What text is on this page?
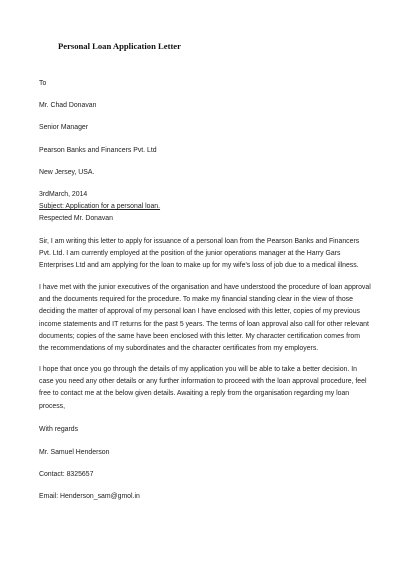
Personal Loan Application Letter
To
Mr. Chad Donavan
Senior Manager
Pearson Banks and Financers Pvt. Ltd
New Jersey, USA.
3rdMarch, 2014
Subject: Application for a personal loan.
Respected Mr. Donavan
Sir, I am writing this letter to apply for issuance of a personal loan from the Pearson Banks and Financers
Pvt. Ltd. I am currently employed at the position of the junior operations manager at the Harry Gars
Enterprises Ltd and am applying for the loan to make up for my wife's loss of job due to a medical illness.
I have met with the junior executives of the organisation and have understood the procedure of loan approval
and the documents required for the procedure. To make my financial standing clear in the view of those
deciding the matter of approval of my personal loan I have enclosed with this letter, copies of my previous
income statements and IT returns for the past 5 years. The terms of loan approval also call for other relevant
documents; copies of the same have been enclosed with this letter. My character certification comes from
the recommendations of my subordinates and the character certificates from my employers.
I hope that once you go through the details of my application you will be able to take a better decision. In
case you need any other details or any further information to proceed with the loan approval procedure, feel
free to contact me at the below given details. Awaiting a reply from the organisation regarding my loan
process,
With regards
Mr. Samuel Henderson
Contact: 8325657
Email: Henderson_sam@gmol.in
